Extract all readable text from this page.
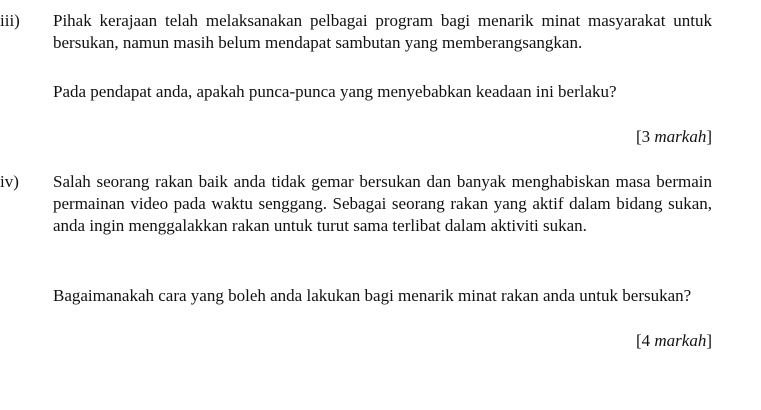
iii) Pihak kerajaan telah melaksanakan pelbagai program bagi menarik minat masyarakat untuk bersukan, namun masih belum mendapat sambutan yang memberangsangkan.

Pada pendapat anda, apakah punca-punca yang menyebabkan keadaan ini berlaku?

[3 markah]
iv) Salah seorang rakan baik anda tidak gemar bersukan dan banyak menghabiskan masa bermain permainan video pada waktu senggang. Sebagai seorang rakan yang aktif dalam bidang sukan, anda ingin menggalakkan rakan untuk turut sama terlibat dalam aktiviti sukan.

Bagaimanakah cara yang boleh anda lakukan bagi menarik minat rakan anda untuk bersukan?

[4 markah]
